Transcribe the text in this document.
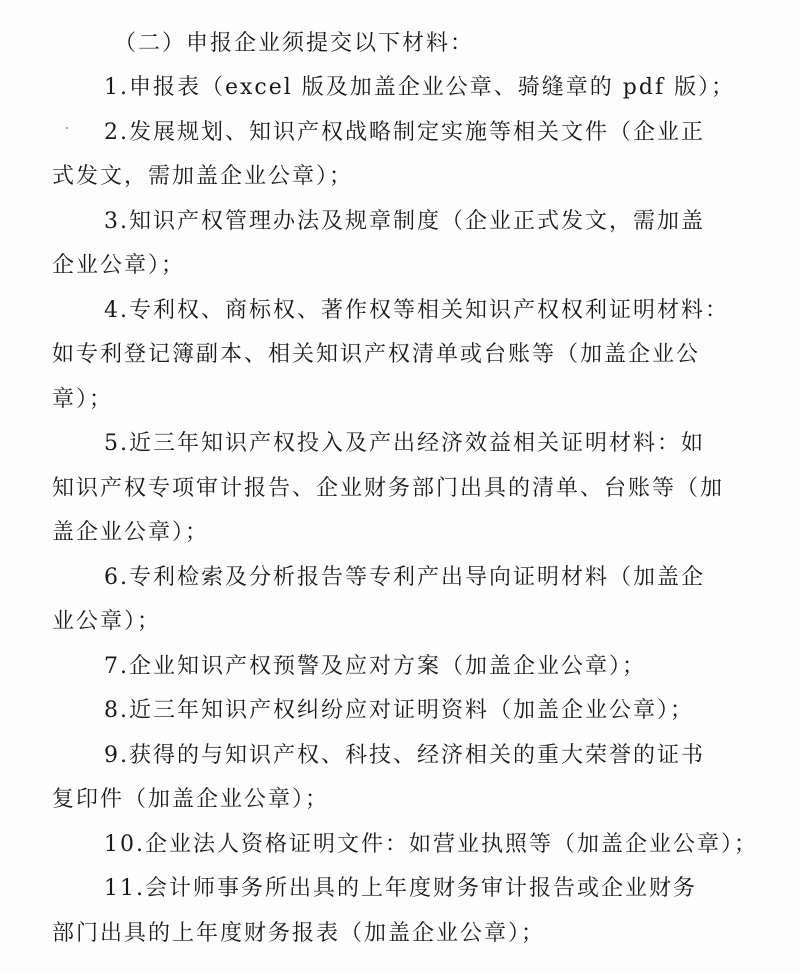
（二）申报企业须提交以下材料：

1.申报表（excel 版及加盖企业公章、骑缝章的 pdf 版）；

2.发展规划、知识产权战略制定实施等相关文件（企业正
式发文，需加盖企业公章）；

3.知识产权管理办法及规章制度（企业正式发文，需加盖
企业公章）；

4.专利权、商标权、著作权等相关知识产权权利证明材料：
如专利登记簿副本、相关知识产权清单或台账等（加盖企业公
章）；

5.近三年知识产权投入及产出经济效益相关证明材料：如
知识产权专项审计报告、企业财务部门出具的清单、台账等（加
盖企业公章）；

6.专利检索及分析报告等专利产出导向证明材料（加盖企
业公章）；

7.企业知识产权预警及应对方案（加盖企业公章）；

8.近三年知识产权纠纷应对证明资料（加盖企业公章）；

9.获得的与知识产权、科技、经济相关的重大荣誉的证书
复印件（加盖企业公章）；

10.企业法人资格证明文件：如营业执照等（加盖企业公章）；

11.会计师事务所出具的上年度财务审计报告或企业财务
部门出具的上年度财务报表（加盖企业公章）；
